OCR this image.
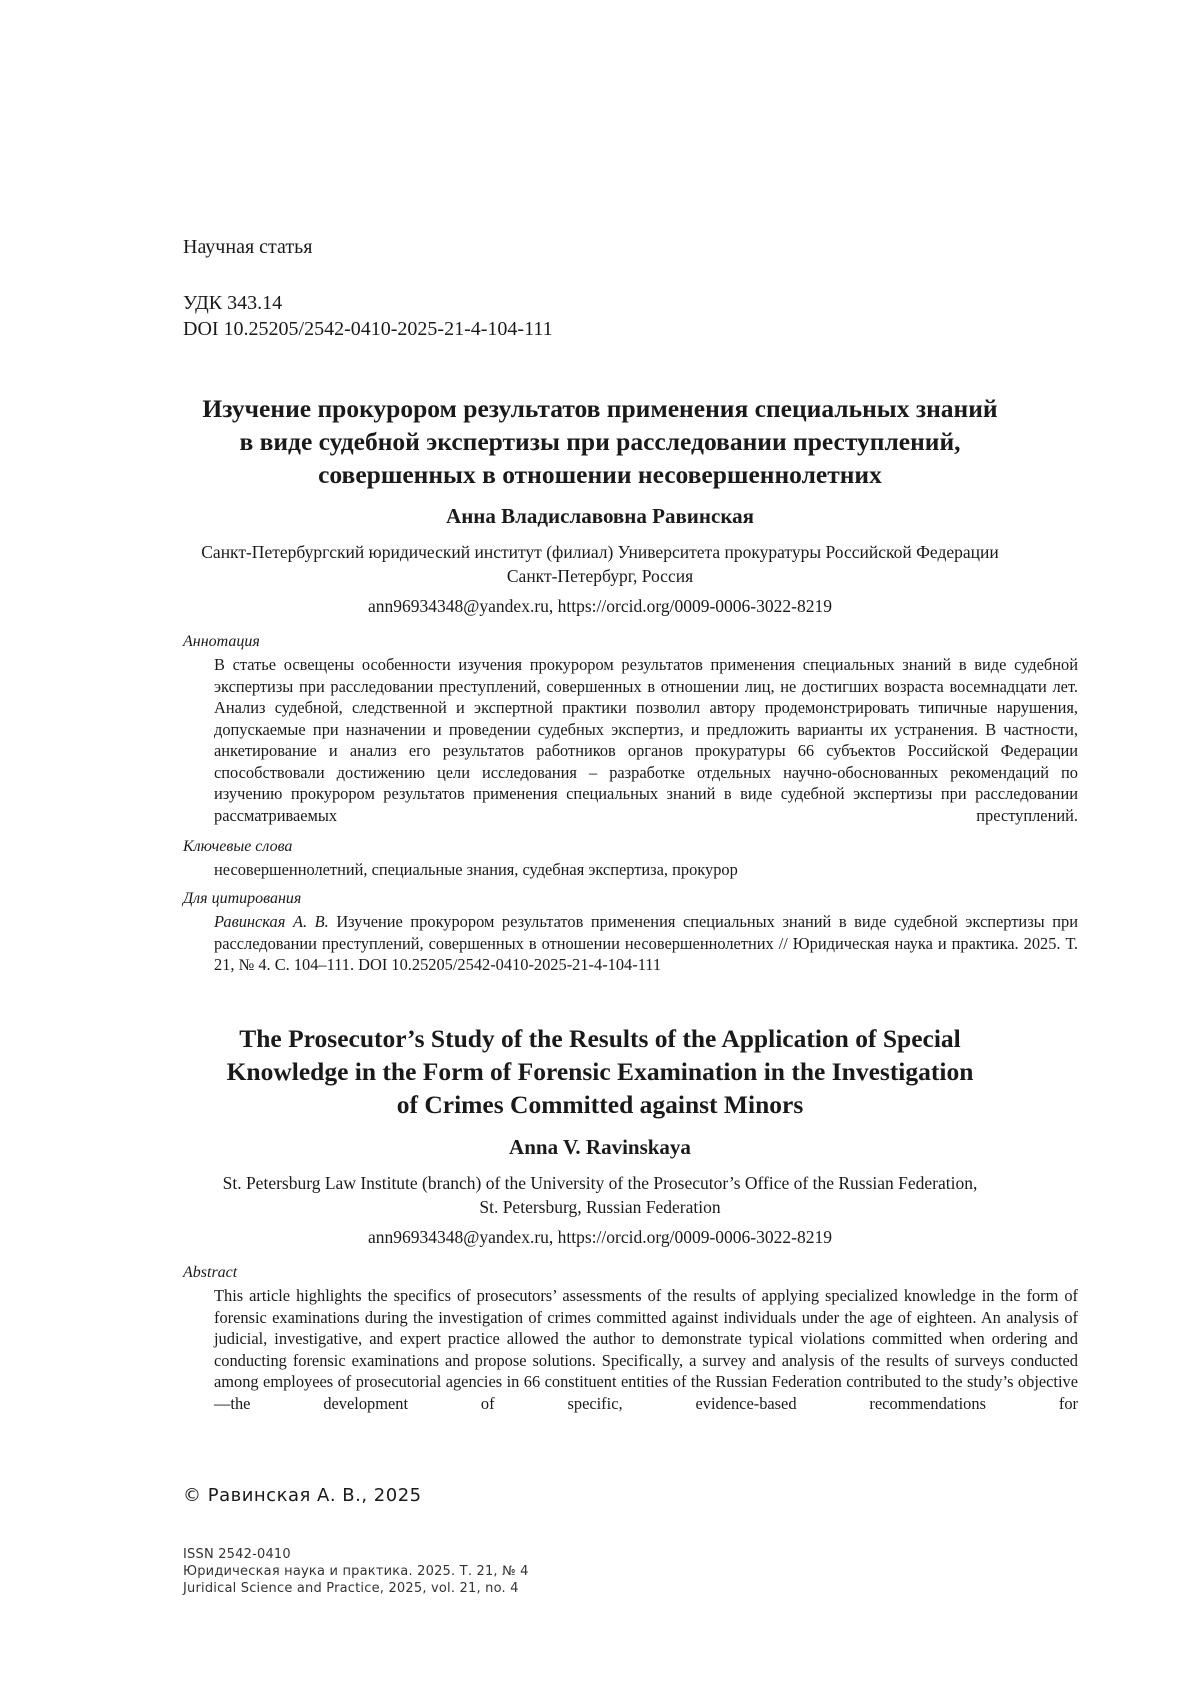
Научная статья
УДК 343.14
DOI 10.25205/2542-0410-2025-21-4-104-111
Изучение прокурором результатов применения специальных знаний
в виде судебной экспертизы при расследовании преступлений,
совершенных в отношении несовершеннолетних
Анна Владиславовна Равинская
Санкт-Петербургский юридический институт (филиал) Университета прокуратуры Российской Федерации
Санкт-Петербург, Россия
ann96934348@yandex.ru, https://orcid.org/0009-0006-3022-8219
Аннотация
В статье освещены особенности изучения прокурором результатов применения специальных знаний в виде судебной экспертизы при расследовании преступлений, совершенных в отношении лиц, не достигших возраста восемнадцати лет. Анализ судебной, следственной и экспертной практики позволил автору продемонстрировать типичные нарушения, допускаемые при назначении и проведении судебных экспертиз, и предложить варианты их устранения. В частности, анкетирование и анализ его результатов работников органов прокуратуры 66 субъектов Российской Федерации способствовали достижению цели исследования – разработке отдельных научно-обоснованных рекомендаций по изучению прокурором результатов применения специальных знаний в виде судебной экспертизы при расследовании рассматриваемых преступлений.
Ключевые слова
несовершеннолетний, специальные знания, судебная экспертиза, прокурор
Для цитирования
Равинская А. В. Изучение прокурором результатов применения специальных знаний в виде судебной экспертизы при расследовании преступлений, совершенных в отношении несовершеннолетних // Юридическая наука и практика. 2025. Т. 21, № 4. С. 104–111. DOI 10.25205/2542-0410-2025-21-4-104-111
The Prosecutor’s Study of the Results of the Application of Special
Knowledge in the Form of Forensic Examination in the Investigation
of Crimes Committed against Minors
Anna V. Ravinskaya
St. Petersburg Law Institute (branch) of the University of the Prosecutor’s Office of the Russian Federation,
St. Petersburg, Russian Federation
ann96934348@yandex.ru, https://orcid.org/0009-0006-3022-8219
Abstract
This article highlights the specifics of prosecutors’ assessments of the results of applying specialized knowledge in the form of forensic examinations during the investigation of crimes committed against individuals under the age of eighteen. An analysis of judicial, investigative, and expert practice allowed the author to demonstrate typical violations committed when ordering and conducting forensic examinations and propose solutions. Specifically, a survey and analysis of the results of surveys conducted among employees of prosecutorial agencies in 66 constituent entities of the Russian Federation contributed to the study’s objective—the development of specific, evidence-based recommendations for
© Равинская А. В., 2025
ISSN 2542-0410
Юридическая наука и практика. 2025. Т. 21, № 4
Juridical Science and Practice, 2025, vol. 21, no. 4
